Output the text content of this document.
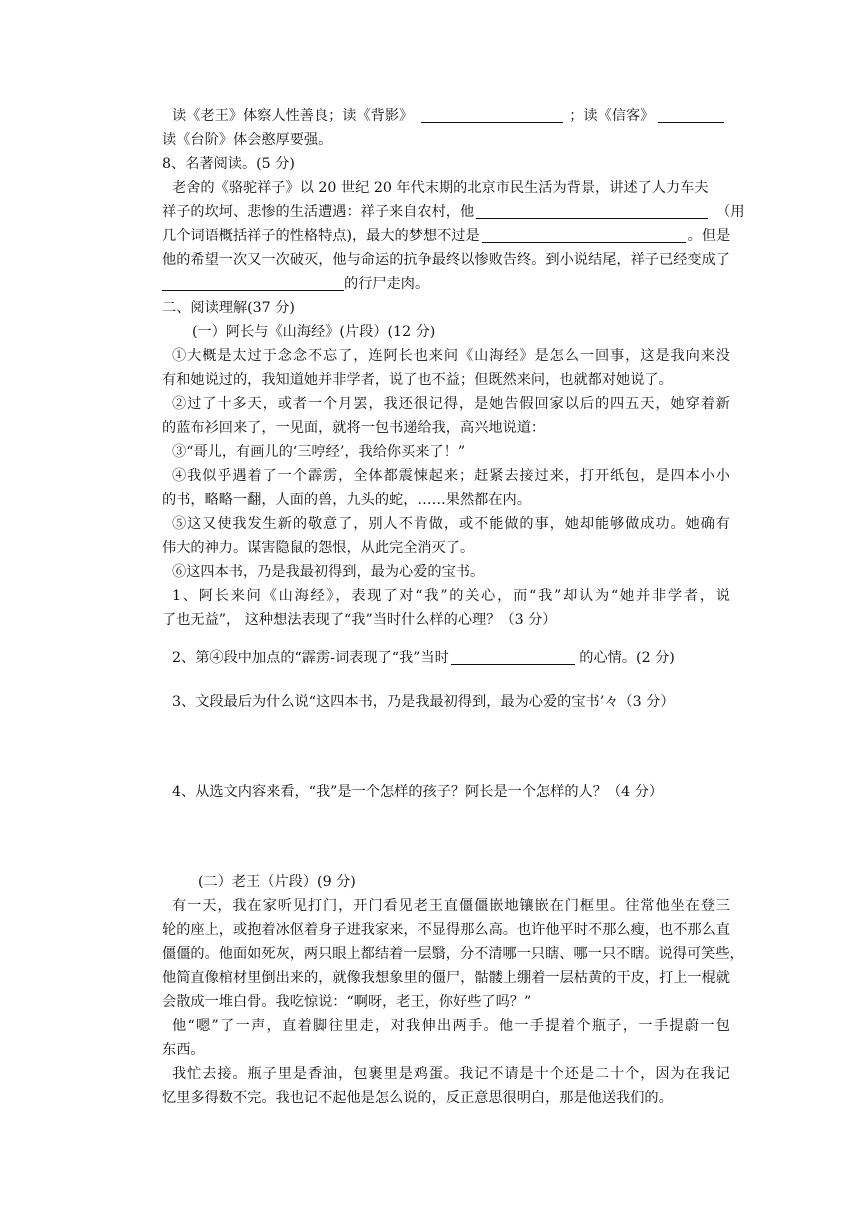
读《老王》体察人性善良；读《背影》	；读《信客》
读《台阶》体会憨厚要强。
8、名著阅读。(5 分)
老舍的《骆驼祥子》以 20 世纪 20 年代末期的北京市民生活为背景，讲述了人力车夫
祥子的坎坷、悲惨的生活遭遇：祥子来自农村，他	（用
几个词语概括祥子的性格特点)，最大的梦想不过是	。但是
他的希望一次又一次破灭，他与命运的抗争最终以惨败告终。到小说结尾，祥子已经变成了
的行尸走肉。
二、阅读理解(37 分)
(一）阿长与《山海经》(片段）(12 分)
①大概是太过于念念不忘了，连阿长也来问《山海经》是怎么一回事，这是我向来没
有和她说过的，我知道她并非学者，说了也不益；但既然来问，也就都对她说了。
②过了十多天，或者一个月罢，我还很记得，是她告假回家以后的四五天，她穿着新
的蓝布衫回来了，一见面，就将一包书递给我，高兴地说道：
③“哥儿，有画儿的‘三哼经’，我给你买来了！”
④我似乎遇着了一个霹雳，全体都震悚起来；赶紧去接过来，打开纸包，是四本小小
的书，略略一翻，人面的兽，九头的蛇，……果然都在内。
⑤这又使我发生新的敬意了，别人不肯做，或不能做的事，她却能够做成功。她确有
伟大的神力。谋害隐鼠的怨恨，从此完全消灭了。
⑥这四本书，乃是我最初得到，最为心爱的宝书。
1、阿长来问《山海经》，表现了对“我”的关心，而“我”却认为“她并非学者，说
了也无益”， 这种想法表现了“我”当时什么样的心理？（3 分）
2、第④段中加点的“霹雳-词表现了“我”当时	的心情。(2 分)
3、文段最后为什么说“这四本书，乃是我最初得到，最为心爱的宝书’々（3 分）
4、从选文内容来看，“我”是一个怎样的孩子？阿长是一个怎样的人？（4 分）
(二）老王（片段）(9 分)
有一天，我在家听见打门，开门看见老王直僵僵嵌地镶嵌在门框里。往常他坐在登三
轮的座上，或抱着冰伛着身子进我家来，不显得那么高。也许他平时不那么瘦，也不那么直
僵僵的。他面如死灰，两只眼上都结着一层翳，分不清哪一只瞎、哪一只不瞎。说得可笑些，
他简直像棺材里倒出来的，就像我想象里的僵尸，骷髅上绷着一层枯黄的干皮，打上一棍就
会散成一堆白骨。我吃惊说：“啊呀，老王，你好些了吗？”
他“嗯”了一声，直着脚往里走，对我伸出两手。他一手提着个瓶子，一手提蔚一包
东西。
我忙去接。瓶子里是香油，包裹里是鸡蛋。我记不请是十个还是二十个，因为在我记
忆里多得数不完。我也记不起他是怎么说的，反正意思很明白，那是他送我们的。
